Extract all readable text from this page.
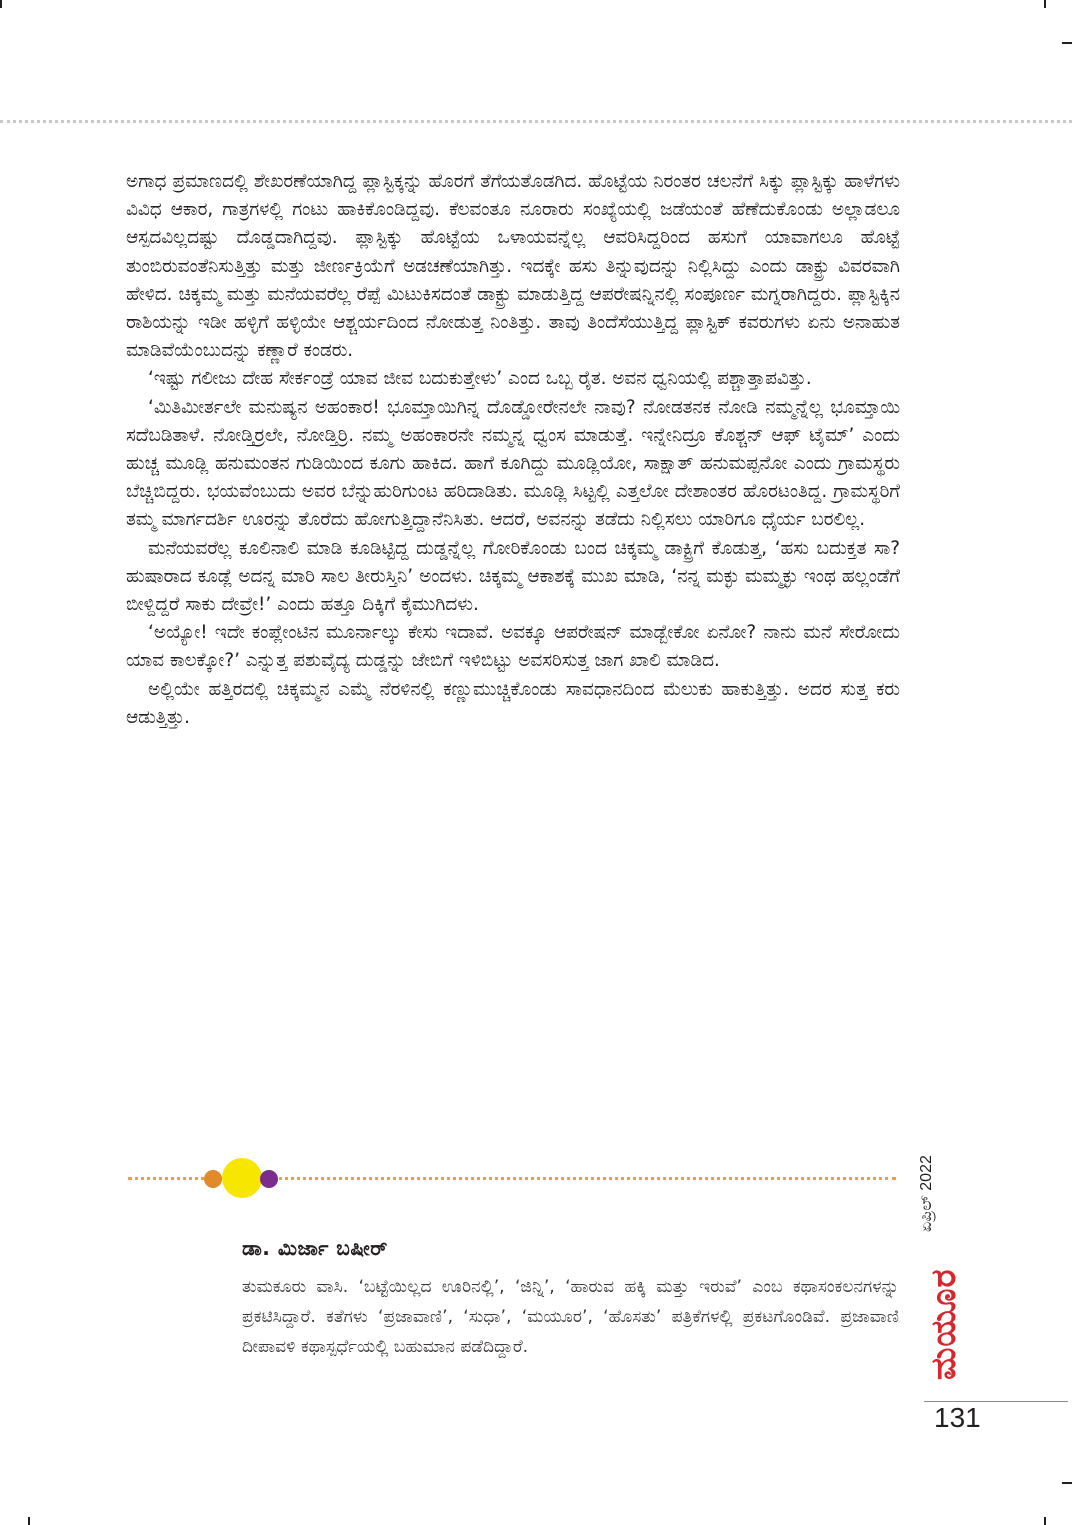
ಅಗಾಧ ಪ್ರಮಾಣದಲ್ಲಿ ಶೇಖರಣೆಯಾಗಿದ್ದ ಪ್ಲಾಸ್ಟಿಕ್ಕನ್ನು ಹೊರಗೆ ತೆಗೆಯತೊಡಗಿದ. ಹೊಟ್ಟೆಯ ನಿರಂತರ ಚಲನೆಗೆ ಸಿಕ್ಕು ಪ್ಲಾಸ್ಟಿಕ್ಕು ಹಾಳೆಗಳು ವಿವಿಧ ಆಕಾರ, ಗಾತ್ರಗಳಲ್ಲಿ ಗಂಟು ಹಾಕಿಕೊಂಡಿದ್ದವು. ಕೆಲವಂತೂ ನೂರಾರು ಸಂಖ್ಯೆಯಲ್ಲಿ ಜಡೆಯಂತೆ ಹೆಣೆದುಕೊಂಡು ಅಲ್ಲಾಡಲೂ ಆಸ್ಪದವಿಲ್ಲದಷ್ಟು ದೊಡ್ಡದಾಗಿದ್ದವು. ಪ್ಲಾಸ್ಟಿಕ್ಕು ಹೊಟ್ಟೆಯ ಒಳಾಯವನ್ನೆಲ್ಲ ಆವರಿಸಿದ್ದರಿಂದ ಹಸುಗೆ ಯಾವಾಗಲೂ ಹೊಟ್ಟೆ ತುಂಬಿರುವಂತೆನಿಸುತ್ತಿತ್ತು ಮತ್ತು ಜೀರ್ಣಕ್ರಿಯೆಗೆ ಅಡಚಣೆಯಾಗಿತ್ತು. ಇದಕ್ಕೇ ಹಸು ತಿನ್ನುವುದನ್ನು ನಿಲ್ಲಿಸಿದ್ದು ಎಂದು ಡಾಕ್ಟ್ರು ವಿವರವಾಗಿ ಹೇಳಿದ. ಚಿಕ್ಕಮ್ಮ ಮತ್ತು ಮನೆಯವರೆಲ್ಲ ರೆಪ್ಪೆ ಮಿಟುಕಿಸದಂತೆ ಡಾಕ್ಟ್ರು ಮಾಡುತ್ತಿದ್ದ ಆಪರೇಷನ್ನಿನಲ್ಲಿ ಸಂಪೂರ್ಣ ಮಗ್ನರಾಗಿದ್ದರು. ಪ್ಲಾಸ್ಟಿಕ್ಕಿನ ರಾಶಿಯನ್ನು ಇಡೀ ಹಳ್ಳಿಗೆ ಹಳ್ಳಿಯೇ ಆಶ್ಚರ್ಯದಿಂದ ನೋಡುತ್ತ ನಿಂತಿತ್ತು. ತಾವು ತಿಂದೆಸೆಯುತ್ತಿದ್ದ ಪ್ಲಾಸ್ಟಿಕ್ ಕವರುಗಳು ಏನು ಅನಾಹುತ ಮಾಡಿವೆಯೆಂಬುದನ್ನು ಕಣ್ಣಾರೆ ಕಂಡರು.

‘ಇಷ್ಟು ಗಲೀಜು ದೇಹ ಸೇರ್ಕಂಡ್ರೆ ಯಾವ ಜೀವ ಬದುಕುತ್ತೇಳು’ ಎಂದ ಒಬ್ಬ ರೈತ. ಅವನ ಧ್ವನಿಯಲ್ಲಿ ಪಶ್ಚಾತ್ತಾಪವಿತ್ತು.

‘ಮಿತಿಮೀರ್ತಲೇ ಮನುಷ್ಯನ ಅಹಂಕಾರ! ಭೂಮ್ತಾಯಿಗಿನ್ನ ದೊಡ್ಡೋರೇನಲೇ ನಾವು? ನೋಡತನಕ ನೋಡಿ ನಮ್ಮನ್ನೆಲ್ಲ ಭೂಮ್ತಾಯಿ ಸದೆಬಡಿತಾಳೆ. ನೋಡ್ತಿರ್ರಲೇ, ನೋಡ್ತಿರ್ರಿ. ನಮ್ಮ ಅಹಂಕಾರನೇ ನಮ್ಮನ್ನ ಧ್ವಂಸ ಮಾಡುತ್ತೆ. ಇನ್ನೇನಿದ್ರೂ ಕೊಶ್ಚನ್ ಆಫ್ ಟೈಮ್’ ಎಂದು ಹುಚ್ಚ ಮೂಡ್ಲಿ ಹನುಮಂತನ ಗುಡಿಯಿಂದ ಕೂಗು ಹಾಕಿದ. ಹಾಗೆ ಕೂಗಿದ್ದು ಮೂಡ್ಲಿಯೋ, ಸಾಕ್ಷಾತ್ ಹನುಮಪ್ಪನೋ ಎಂದು ಗ್ರಾಮಸ್ಥರು ಬೆಚ್ಚಿಬಿದ್ದರು. ಭಯವೆಂಬುದು ಅವರ ಬೆನ್ನುಹುರಿಗುಂಟ ಹರಿದಾಡಿತು. ಮೂಡ್ಲಿ ಸಿಟ್ಟಲ್ಲಿ ಎತ್ತಲೋ ದೇಶಾಂತರ ಹೊರಟಂತಿದ್ದ. ಗ್ರಾಮಸ್ಥರಿಗೆ ತಮ್ಮ ಮಾರ್ಗದರ್ಶಿ ಊರನ್ನು ತೊರೆದು ಹೋಗುತ್ತಿದ್ದಾನೆನಿಸಿತು. ಆದರೆ, ಅವನನ್ನು ತಡೆದು ನಿಲ್ಲಿಸಲು ಯಾರಿಗೂ ಧೈರ್ಯ ಬರಲಿಲ್ಲ.

ಮನೆಯವರೆಲ್ಲ ಕೂಲಿನಾಲಿ ಮಾಡಿ ಕೂಡಿಟ್ಟಿದ್ದ ದುಡ್ಡನ್ನೆಲ್ಲ ಗೋರಿಕೊಂಡು ಬಂದ ಚಿಕ್ಕಮ್ಮ ಡಾಕ್ಟ್ರಿಗೆ ಕೊಡುತ್ತ, ‘ಹಸು ಬದುಕ್ತತ ಸಾ? ಹುಷಾರಾದ ಕೂಡ್ಲೆ ಅದನ್ನ ಮಾರಿ ಸಾಲ ತೀರುಸ್ತಿನಿ’ ಅಂದಳು. ಚಿಕ್ಕಮ್ಮ ಆಕಾಶಕ್ಕೆ ಮುಖ ಮಾಡಿ, ‘ನನ್ನ ಮಕ್ಳು ಮಮ್ಮಕ್ಳು ಇಂಥ ಹಲ್ಲಂಡೆಗೆ ಬೀಳ್ದಿದ್ದರೆ ಸಾಕು ದೇವ್ರೇ!’ ಎಂದು ಹತ್ತೂ ದಿಕ್ಕಿಗೆ ಕೈಮುಗಿದಳು.

‘ಅಯ್ಯೋ! ಇದೇ ಕಂಪ್ಲೇಂಟಿನ ಮೂರ್ನಾಲ್ಕು ಕೇಸು ಇದಾವೆ. ಅವಕ್ಕೂ ಆಪರೇಷನ್ ಮಾಡ್ಬೇಕೋ ಏನೋ? ನಾನು ಮನೆ ಸೇರೋದು ಯಾವ ಕಾಲಕ್ಕೋ?’ ಎನ್ನುತ್ತ ಪಶುವೈದ್ಯ ದುಡ್ಡನ್ನು ಜೇಬಿಗೆ ಇಳಿಬಿಟ್ಟು ಅವಸರಿಸುತ್ತ ಜಾಗ ಖಾಲಿ ಮಾಡಿದ.

ಅಲ್ಲಿಯೇ ಹತ್ತಿರದಲ್ಲಿ ಚಿಕ್ಕಮ್ಮನ ಎಮ್ಮೆ ನೆರಳಿನಲ್ಲಿ ಕಣ್ಣುಮುಚ್ಚಿಕೊಂಡು ಸಾವಧಾನದಿಂದ ಮೆಲುಕು ಹಾಕುತ್ತಿತ್ತು. ಅದರ ಸುತ್ತ ಕರು ಆಡುತ್ತಿತ್ತು.

ಡಾ. ಮಿರ್ಜಾ ಬಷೀರ್
ತುಮಕೂರು ವಾಸಿ. ‘ಬಟ್ಟೆಯಿಲ್ಲದ ಊರಿನಲ್ಲಿ’, ‘ಜಿನ್ನಿ’, ‘ಹಾರುವ ಹಕ್ಕಿ ಮತ್ತು ಇರುವೆ’ ಎಂಬ ಕಥಾಸಂಕಲನಗಳನ್ನು ಪ್ರಕಟಿಸಿದ್ದಾರೆ. ಕತೆಗಳು ‘ಪ್ರಜಾವಾಣಿ’, ‘ಸುಧಾ’, ‘ಮಯೂರ’, ‘ಹೊಸತು’ ಪತ್ರಿಕೆಗಳಲ್ಲಿ ಪ್ರಕಟಗೊಂಡಿವೆ. ಪ್ರಜಾವಾಣಿ ದೀಪಾವಳಿ ಕಥಾಸ್ಪರ್ಧೆಯಲ್ಲಿ ಬಹುಮಾನ ಪಡೆದಿದ್ದಾರೆ.
ಏಪ್ರಿಲ್ 2022
ಮಯೂರ
131
